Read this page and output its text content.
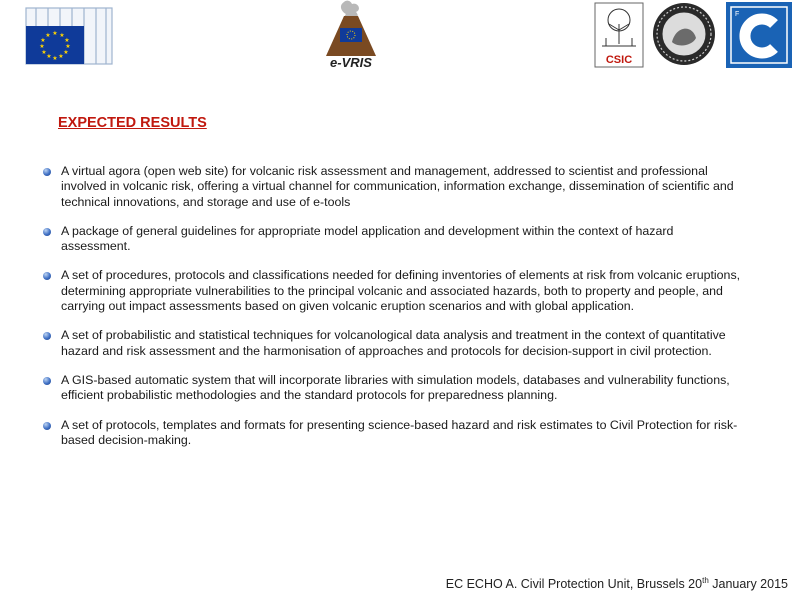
★ ★
★
★
★
★
★
★
★
★
★
★
e-VRIS	CSIC
F
EXPECTED RESULTS
A virtual agora (open web site) for volcanic risk assessment and management, addressed to scientist and professional involved in volcanic risk, offering a virtual channel for communication, information exchange, dissemination of scientific and technical innovations, and storage and use of e-tools
A package of general guidelines for appropriate model application and development within the context of hazard assessment.
A set of procedures, protocols and classifications needed for defining inventories of elements at risk from volcanic eruptions, determining appropriate vulnerabilities to the principal volcanic and associated hazards, both to property and people, and carrying out impact assessments based on given volcanic eruption scenarios and with global application.
A set of probabilistic and statistical techniques for volcanological data analysis and treatment in the context of quantitative hazard and risk assessment and the harmonisation of approaches and protocols for decision-support in civil protection.
A GIS-based automatic system that will incorporate libraries with simulation models, databases and vulnerability functions, efficient probabilistic methodologies and the standard protocols for preparedness planning.
A set of protocols, templates and formats for presenting science-based hazard and risk estimates to Civil Protection for risk-based decision-making.
EC ECHO A. Civil Protection Unit, Brussels 20th January 2015
